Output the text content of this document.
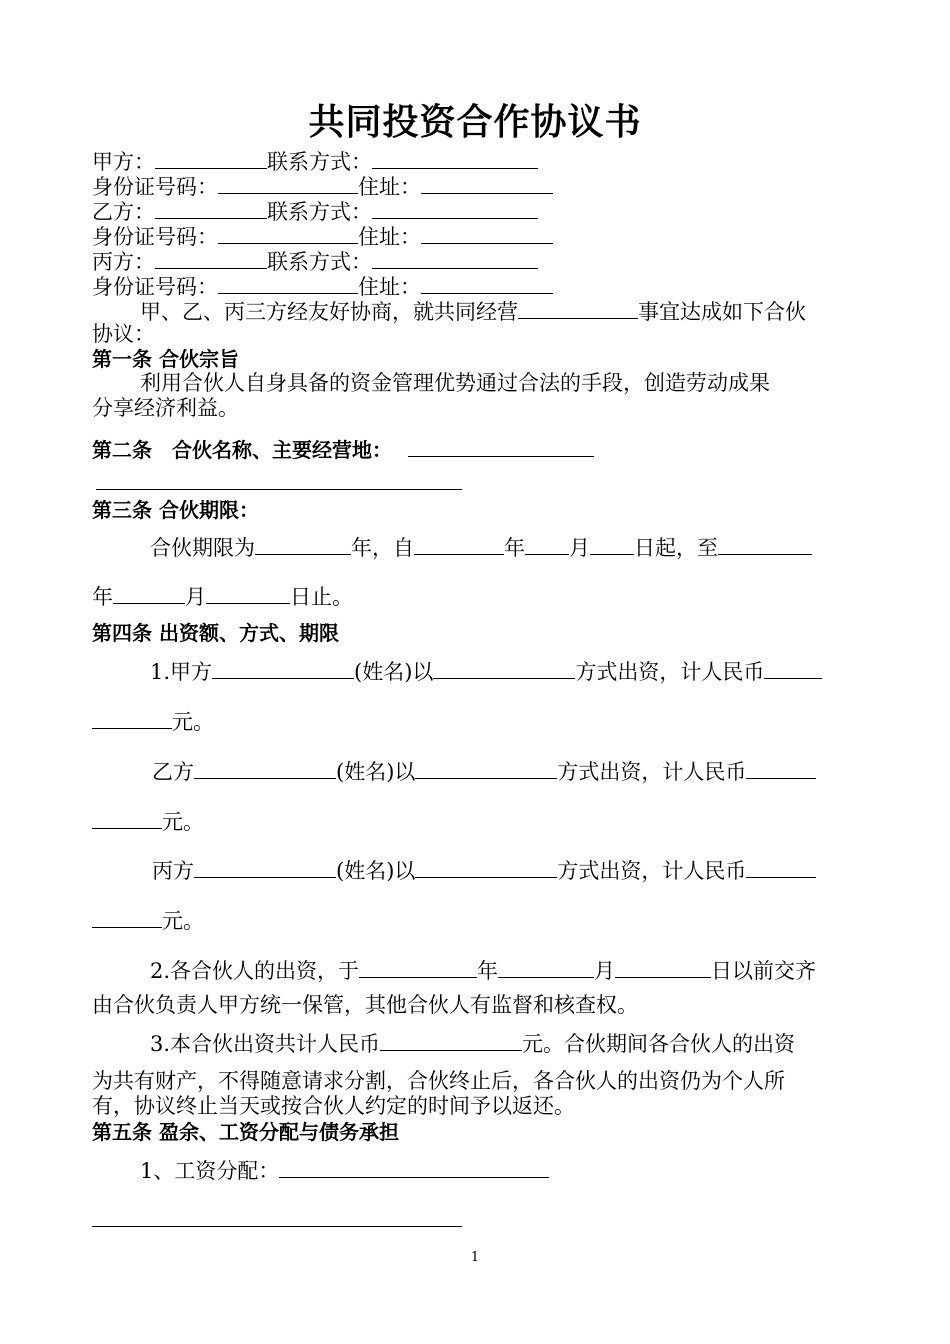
共同投资合作协议书
甲方：	联系方式：
身份证号码：	住址：
乙方：	联系方式：
身份证号码：	住址：
丙方：	联系方式：
身份证号码：	住址：
甲、乙、丙三方经友好协商，就共同经营	事宜达成如下合伙
协议：
第一条 合伙宗旨
利用合伙人自身具备的资金管理优势通过合法的手段，创造劳动成果
分享经济利益。
第二条　合伙名称、主要经营地：
第三条 合伙期限：
合伙期限为	年，自	年 月 日起，至
年	月	日止。
第四条 出资额、方式、期限
1.甲方	(姓名)以	方式出资，计人民币
元。
乙方	(姓名)以	方式出资，计人民币
元。
丙方	(姓名)以	方式出资，计人民币
元。
2.各合伙人的出资，于	年	月	日以前交齐
由合伙负责人甲方统一保管，其他合伙人有监督和核查权。
3.本合伙出资共计人民币	元。合伙期间各合伙人的出资
为共有财产，不得随意请求分割，合伙终止后，各合伙人的出资仍为个人所
有，协议终止当天或按合伙人约定的时间予以返还。
第五条 盈余、工资分配与债务承担
1、工资分配：
1
